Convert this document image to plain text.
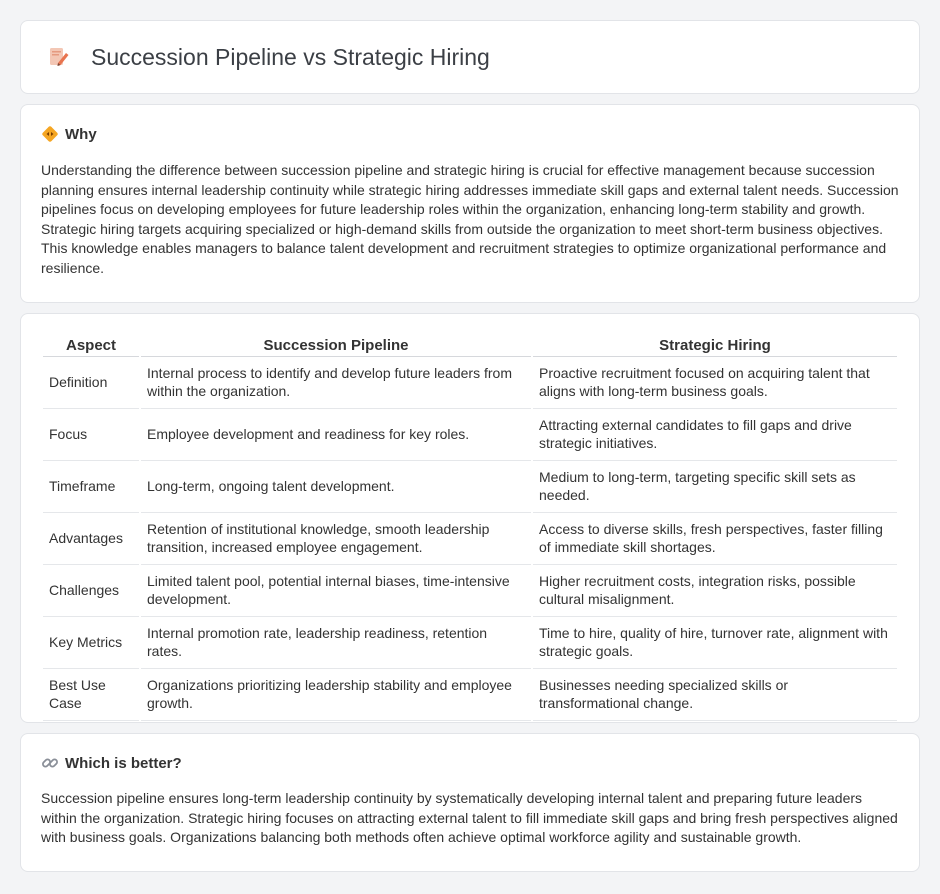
Succession Pipeline vs Strategic Hiring
Why

Understanding the difference between succession pipeline and strategic hiring is crucial for effective management because succession planning ensures internal leadership continuity while strategic hiring addresses immediate skill gaps and external talent needs. Succession pipelines focus on developing employees for future leadership roles within the organization, enhancing long-term stability and growth. Strategic hiring targets acquiring specialized or high-demand skills from outside the organization to meet short-term business objectives. This knowledge enables managers to balance talent development and recruitment strategies to optimize organizational performance and resilience.

Aspect	Succession Pipeline	Strategic Hiring
Definition	Internal process to identify and develop future leaders from within the organization.	Proactive recruitment focused on acquiring talent that aligns with long-term business goals.
Focus	Employee development and readiness for key roles.	Attracting external candidates to fill gaps and drive strategic initiatives.
Timeframe	Long-term, ongoing talent development.	Medium to long-term, targeting specific skill sets as needed.
Advantages	Retention of institutional knowledge, smooth leadership transition, increased employee engagement.	Access to diverse skills, fresh perspectives, faster filling of immediate skill shortages.
Challenges	Limited talent pool, potential internal biases, time-intensive development.	Higher recruitment costs, integration risks, possible cultural misalignment.
Key Metrics	Internal promotion rate, leadership readiness, retention rates.	Time to hire, quality of hire, turnover rate, alignment with strategic goals.
Best Use Case	Organizations prioritizing leadership stability and employee growth.	Businesses needing specialized skills or transformational change.
Which is better?

Succession pipeline ensures long-term leadership continuity by systematically developing internal talent and preparing future leaders within the organization. Strategic hiring focuses on attracting external talent to fill immediate skill gaps and bring fresh perspectives aligned with business goals. Organizations balancing both methods often achieve optimal workforce agility and sustainable growth.
